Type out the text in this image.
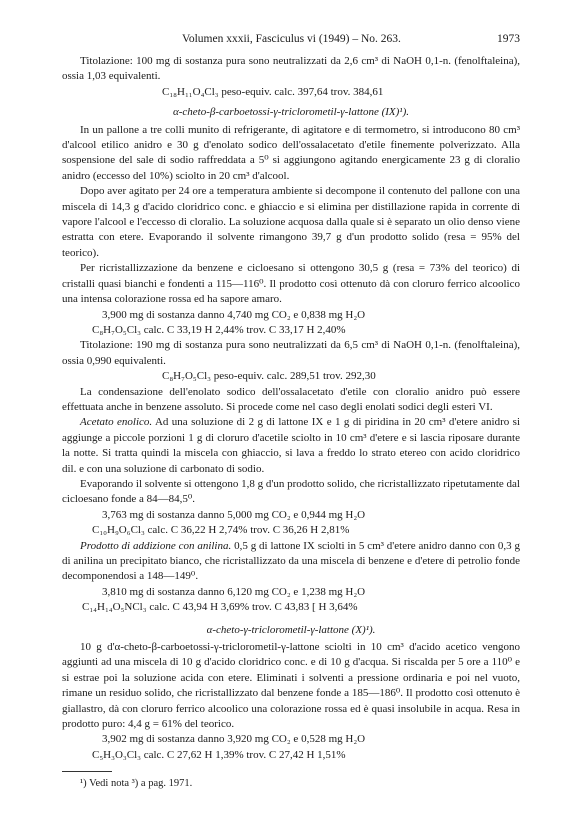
Volumen xxxii, Fasciculus vi (1949) – No. 263.	1973

Titolazione: 100 mg di sostanza pura sono neutralizzati da 2,6 cm³ di NaOH 0,1-n. (fenolftaleina), ossia 1,03 equivalenti.

C₁₈H₁₁O₄Cl₃ peso-equiv. calc. 397,64 trov. 384,61

α-cheto-β-carboetossi-γ-triclorometil-γ-lattone (IX)¹).

In un pallone a tre colli munito di refrigerante, di agitatore e di termometro, si introducono 80 cm³ d'alcool etilico anidro e 30 g d'enolato sodico dell'ossalacetato d'etile finemente polverizzato. Alla sospensione del sale di sodio raffreddata a 5⁰ si aggiungono agitando energicamente 23 g di cloralio anidro (eccesso del 10%) sciolto in 20 cm³ d'alcool.

Dopo aver agitato per 24 ore a temperatura ambiente si decompone il contenuto del pallone con una miscela di 14,3 g d'acido cloridrico conc. e ghiaccio e si elimina per distillazione rapida in corrente di vapore l'alcool e l'eccesso di cloralio. La soluzione acquosa dalla quale si è separato un olio denso viene estratta con etere. Evaporando il solvente rimangono 39,7 g d'un prodotto solido (resa = 95% del teorico).

Per ricristallizzazione da benzene e cicloesano si ottengono 30,5 g (resa = 73% del teorico) di cristalli quasi bianchi e fondenti a 115—116⁰. Il prodotto così ottenuto dà con cloruro ferrico alcoolico una intensa colorazione rossa ed ha sapore amaro.

3,900 mg di sostanza danno 4,740 mg CO₂ e 0,838 mg H₂O

C₈H₇O₅Cl₃ calc. C 33,19 H 2,44% trov. C 33,17 H 2,40%

Titolazione: 190 mg di sostanza pura sono neutralizzati da 6,5 cm³ di NaOH 0,1-n. (fenolftaleina), ossia 0,990 equivalenti.

C₈H₇O₅Cl₃ peso-equiv. calc. 289,51 trov. 292,30

La condensazione dell'enolato sodico dell'ossalacetato d'etile con cloralio anidro può essere effettuata anche in benzene assoluto. Si procede come nel caso degli enolati sodici degli esteri VI.

Acetato enolico. Ad una soluzione di 2 g di lattone IX e 1 g di piridina in 20 cm³ d'etere anidro si aggiunge a piccole porzioni 1 g di cloruro d'acetile sciolto in 10 cm³ d'etere e si lascia riposare durante la notte. Si tratta quindi la miscela con ghiaccio, si lava a freddo lo strato etereo con acido cloridrico dil. e con una soluzione di carbonato di sodio.

Evaporando il solvente si ottengono 1,8 g d'un prodotto solido, che ricristallizzato ripetutamente dal cicloesano fonde a 84—84,5⁰.

3,763 mg di sostanza danno 5,000 mg CO₂ e 0,944 mg H₂O

C₁₀H₉O₆Cl₃ calc. C 36,22 H 2,74% trov. C 36,26 H 2,81%

Prodotto di addizione con anilina. 0,5 g di lattone IX sciolti in 5 cm³ d'etere anidro danno con 0,3 g di anilina un precipitato bianco, che ricristallizzato da una miscela di benzene e d'etere di petrolio fonde decomponendosi a 148—149⁰.

3,810 mg di sostanza danno 6,120 mg CO₂ e 1,238 mg H₂O

C₁₄H₁₄O₅NCl₃ calc. C 43,94 H 3,69% trov. C 43,83 [ H 3,64%

α-cheto-γ-triclorometil-γ-lattone (X)¹).

10 g d'α-cheto-β-carboetossi-γ-triclorometil-γ-lattone sciolti in 10 cm³ d'acido acetico vengono aggiunti ad una miscela di 10 g d'acido cloridrico conc. e di 10 g d'acqua. Si riscalda per 5 ore a 110⁰ e si estrae poi la soluzione acida con etere. Eliminati i solventi a pressione ordinaria e poi nel vuoto, rimane un residuo solido, che ricristallizzato dal benzene fonde a 185—186⁰. Il prodotto così ottenuto è giallastro, dà con cloruro ferrico alcoolico una colorazione rossa ed è quasi insolubile in acqua. Resa in prodotto puro: 4,4 g = 61% del teorico.

3,902 mg di sostanza danno 3,920 mg CO₂ e 0,528 mg H₂O

C₅H₃O₃Cl₃ calc. C 27,62 H 1,39% trov. C 27,42 H 1,51%

¹) Vedi nota ³) a pag. 1971.
